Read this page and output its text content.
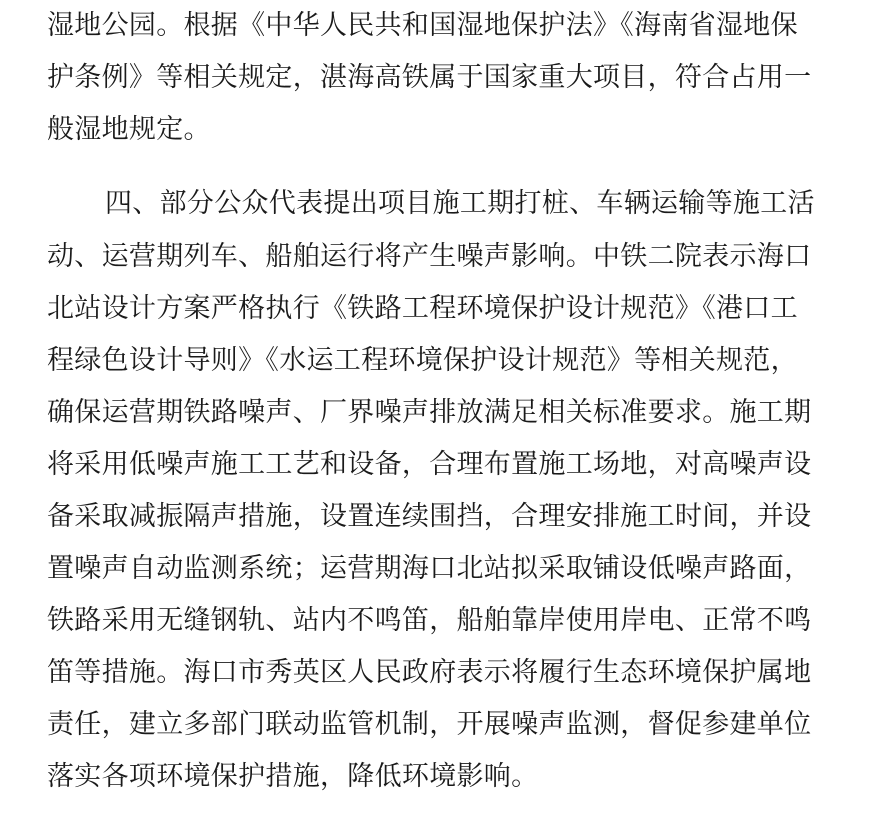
湿地公园。根据《中华人民共和国湿地保护法》《海南省湿地保
护条例》等相关规定，湛海高铁属于国家重大项目，符合占用一
般湿地规定。
四、部分公众代表提出项目施工期打桩、车辆运输等施工活
动、运营期列车、船舶运行将产生噪声影响。中铁二院表示海口
北站设计方案严格执行《铁路工程环境保护设计规范》《港口工
程绿色设计导则》《水运工程环境保护设计规范》等相关规范，
确保运营期铁路噪声、厂界噪声排放满足相关标准要求。施工期
将采用低噪声施工工艺和设备，合理布置施工场地，对高噪声设
备采取减振隔声措施，设置连续围挡，合理安排施工时间，并设
置噪声自动监测系统；运营期海口北站拟采取铺设低噪声路面，
铁路采用无缝钢轨、站内不鸣笛，船舶靠岸使用岸电、正常不鸣
笛等措施。海口市秀英区人民政府表示将履行生态环境保护属地
责任，建立多部门联动监管机制，开展噪声监测，督促参建单位
落实各项环境保护措施，降低环境影响。
